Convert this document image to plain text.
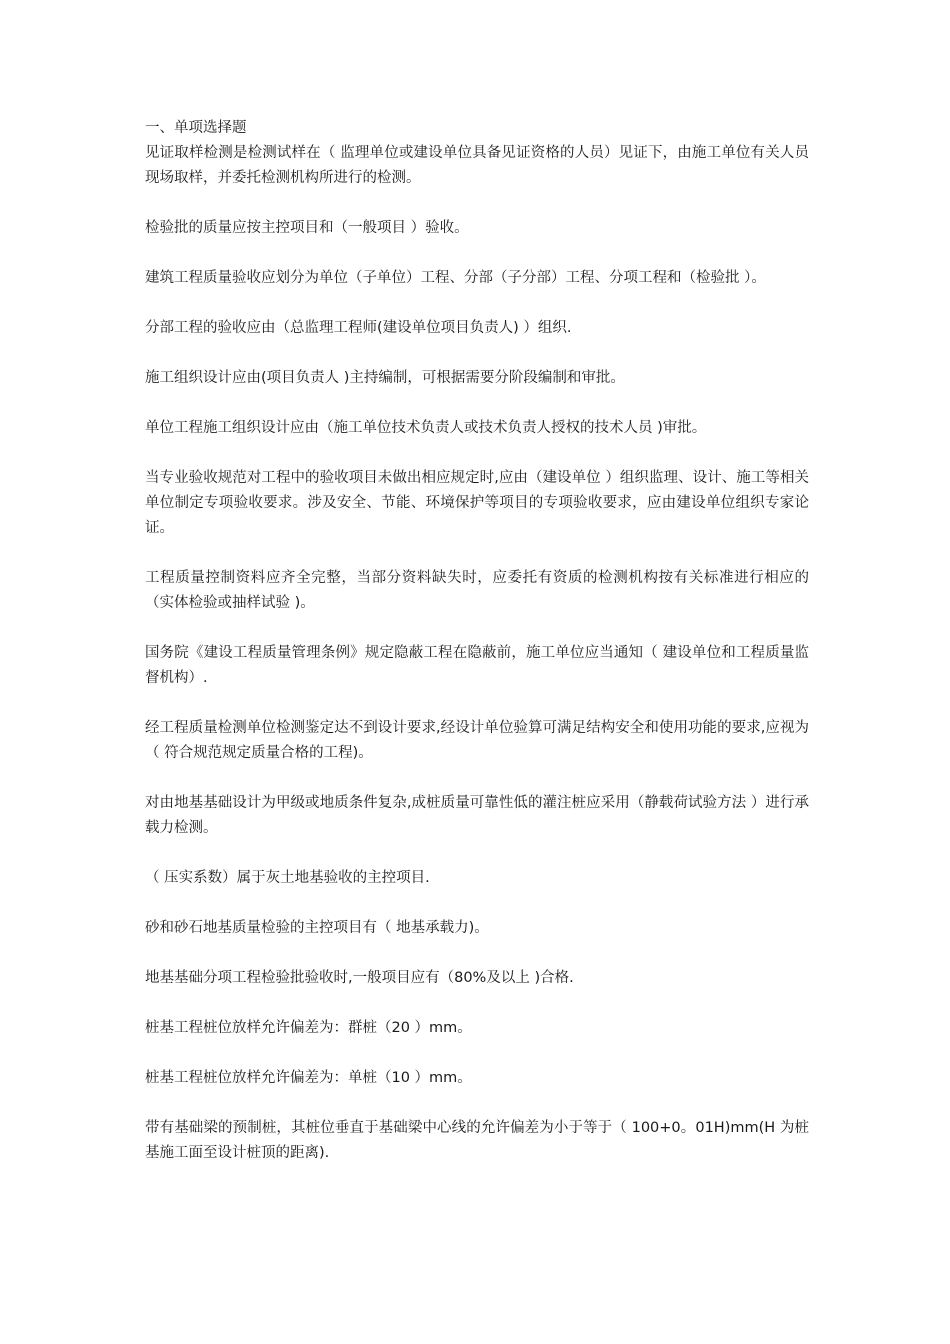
一、单项选择题

见证取样检测是检测试样在（ 监理单位或建设单位具备见证资格的人员）见证下，由施工单位有关人员现场取样，并委托检测机构所进行的检测。

检验批的质量应按主控项目和（一般项目 ）验收。

建筑工程质量验收应划分为单位（子单位）工程、分部（子分部）工程、分项工程和（检验批 ）。

分部工程的验收应由（总监理工程师(建设单位项目负责人) ）组织.

施工组织设计应由(项目负责人 )主持编制，可根据需要分阶段编制和审批。

单位工程施工组织设计应由（施工单位技术负责人或技术负责人授权的技术人员 )审批。

当专业验收规范对工程中的验收项目未做出相应规定时,应由（建设单位 ）组织监理、设计、施工等相关单位制定专项验收要求。涉及安全、节能、环境保护等项目的专项验收要求，应由建设单位组织专家论证。

工程质量控制资料应齐全完整，当部分资料缺失时，应委托有资质的检测机构按有关标准进行相应的（实体检验或抽样试验 )。

国务院《建设工程质量管理条例》规定隐蔽工程在隐蔽前，施工单位应当通知（ 建设单位和工程质量监督机构）.

经工程质量检测单位检测鉴定达不到设计要求,经设计单位验算可满足结构安全和使用功能的要求,应视为（ 符合规范规定质量合格的工程)。

对由地基基础设计为甲级或地质条件复杂,成桩质量可靠性低的灌注桩应采用（静载荷试验方法 ）进行承载力检测。

（ 压实系数）属于灰土地基验收的主控项目.

砂和砂石地基质量检验的主控项目有（ 地基承载力)。

地基基础分项工程检验批验收时,一般项目应有（80%及以上 )合格.

桩基工程桩位放样允许偏差为：群桩（20 ）mm。

桩基工程桩位放样允许偏差为：单桩（10 ）mm。

带有基础梁的预制桩，其桩位垂直于基础梁中心线的允许偏差为小于等于（ 100+0。01H)mm(H 为桩基施工面至设计桩顶的距离).
